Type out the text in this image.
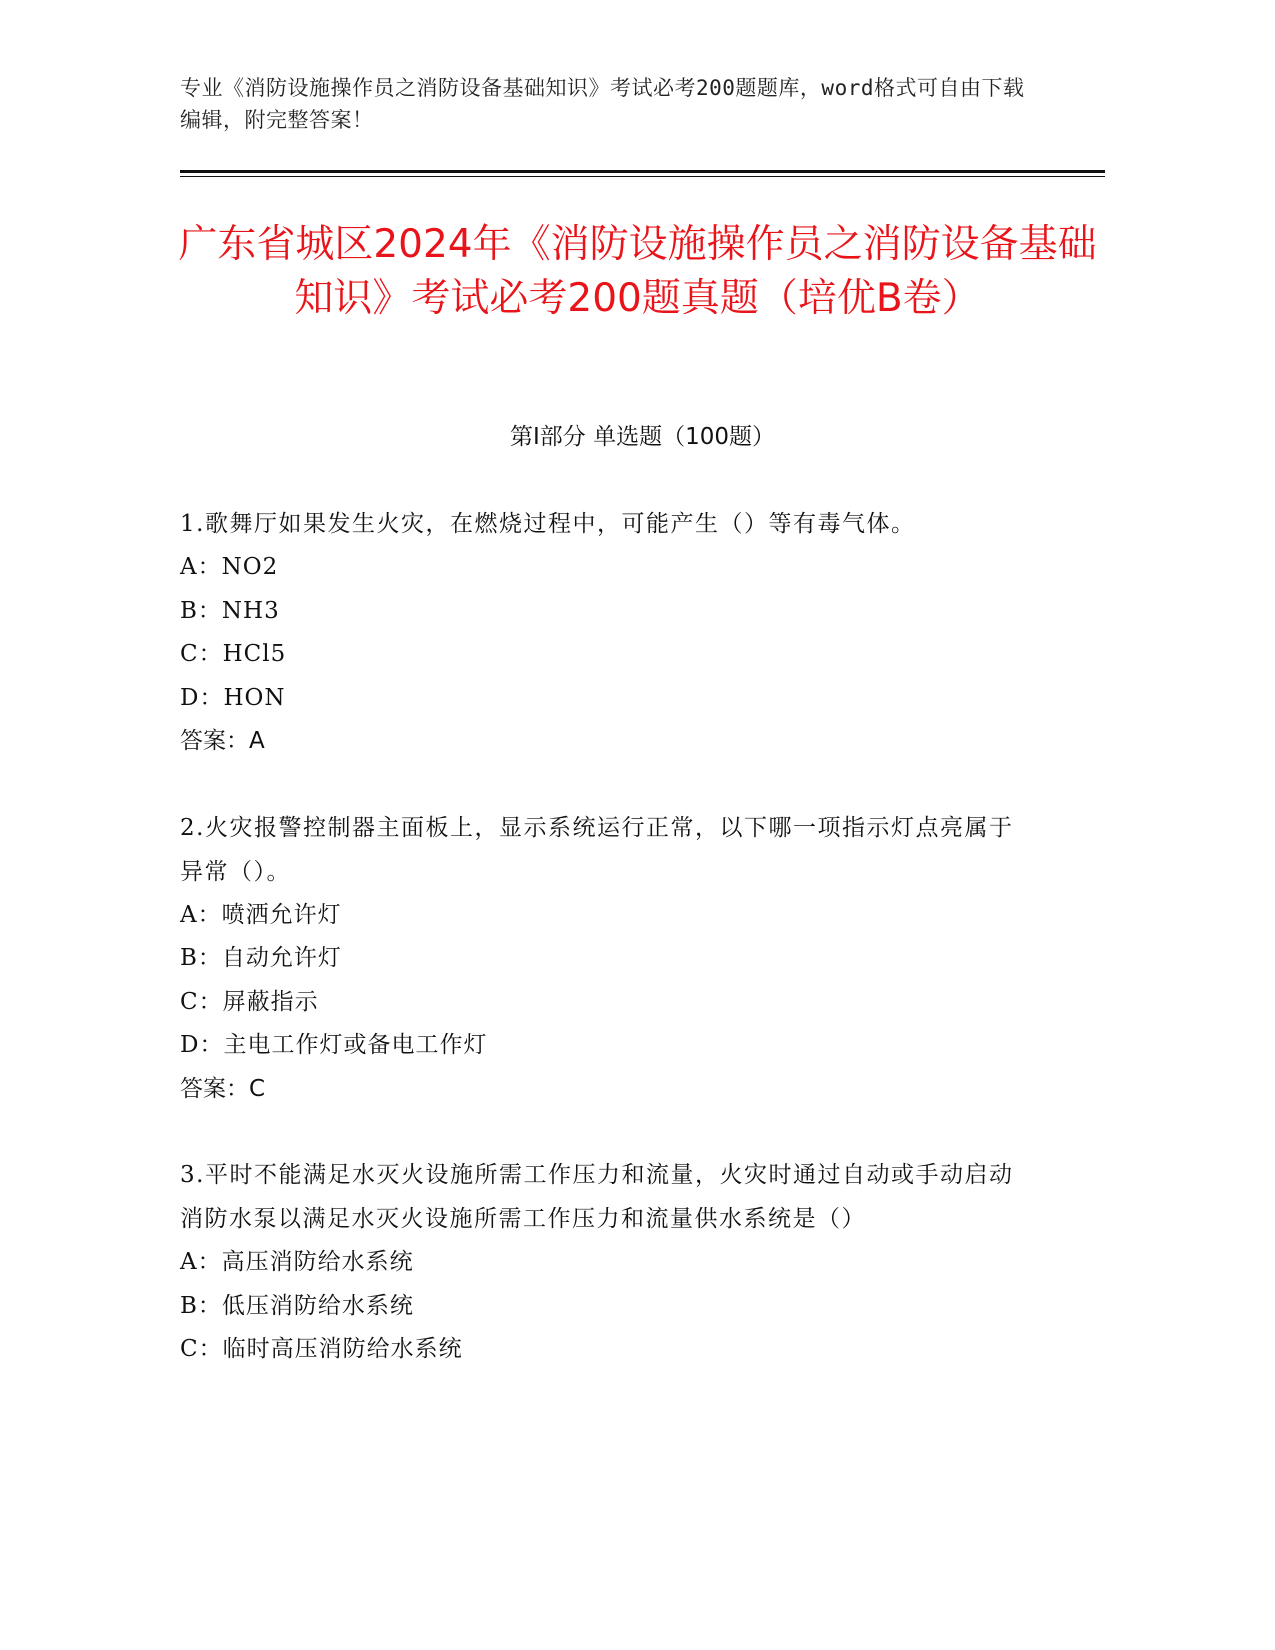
专业《消防设施操作员之消防设备基础知识》考试必考200题题库，word格式可自由下载编辑，附完整答案！
广东省城区2024年《消防设施操作员之消防设备基础知识》考试必考200题真题（培优B卷）
第Ⅰ部分 单选题（100题）
1.歌舞厅如果发生火灾，在燃烧过程中，可能产生（）等有毒气体。
A：NO2
B：NH3
C：HCl5
D：HON
答案：A
2.火灾报警控制器主面板上，显示系统运行正常，以下哪一项指示灯点亮属于异常（）。
A：喷洒允许灯
B：自动允许灯
C：屏蔽指示
D：主电工作灯或备电工作灯
答案：C
3.平时不能满足水灭火设施所需工作压力和流量，火灾时通过自动或手动启动消防水泵以满足水灭火设施所需工作压力和流量供水系统是（）
A：高压消防给水系统
B：低压消防给水系统
C：临时高压消防给水系统
